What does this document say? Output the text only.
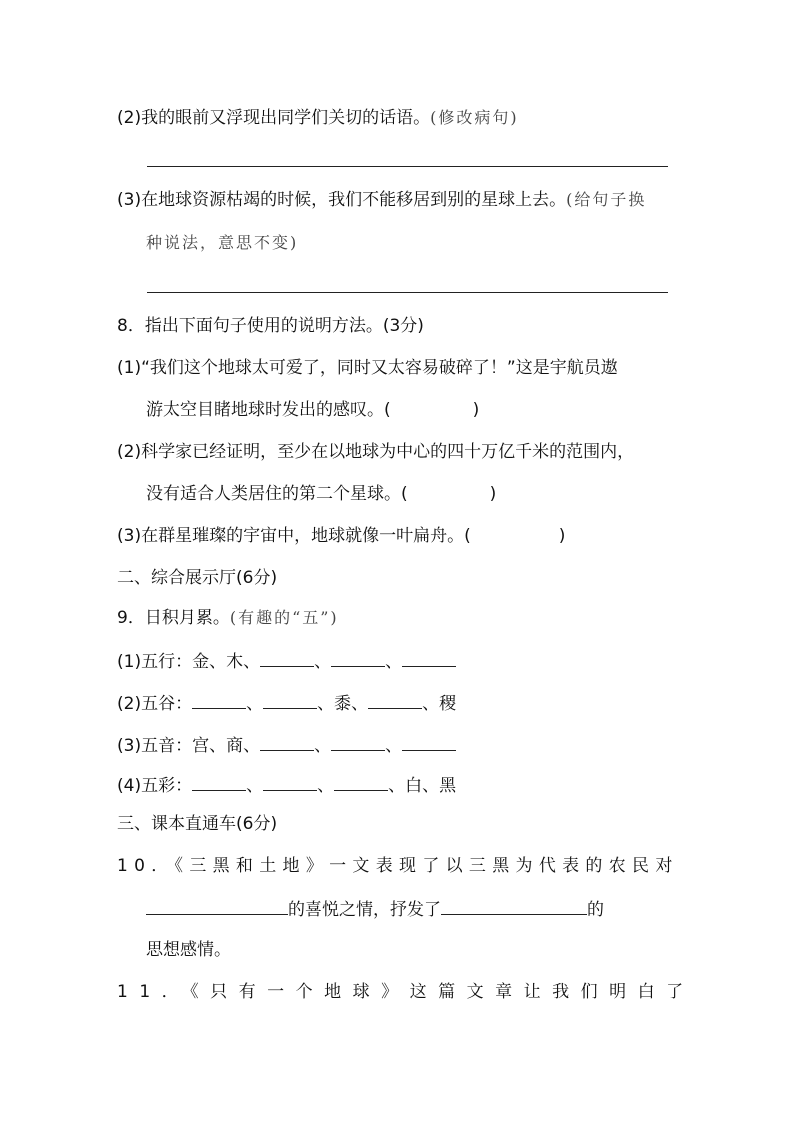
(2)我的眼前又浮现出同学们关切的话语。(修改病句)
(3)在地球资源枯竭的时候，我们不能移居到别的星球上去。(给句子换
种说法，意思不变)
8．指出下面句子使用的说明方法。(3分)
(1)“我们这个地球太可爱了，同时又太容易破碎了！”这是宇航员遨
游太空目睹地球时发出的感叹。(	)
(2)科学家已经证明，至少在以地球为中心的四十万亿千米的范围内，
没有适合人类居住的第二个星球。(	)
(3)在群星璀璨的宇宙中，地球就像一叶扁舟。(	)
二、综合展示厅(6分)
9．日积月累。(有趣的“五”)
(1)五行：金、木、	、	、
(2)五谷：	、	、黍、	、稷
(3)五音：宫、商、	、	、
(4)五彩：	、	、	、白、黑
三、课本直通车(6分)
10．《三黑和土地》一文表现了以三黑为代表的农民对
的喜悦之情，抒发了	的
思想感情。
11．《只有一个地球》这篇文章让我们明白了
